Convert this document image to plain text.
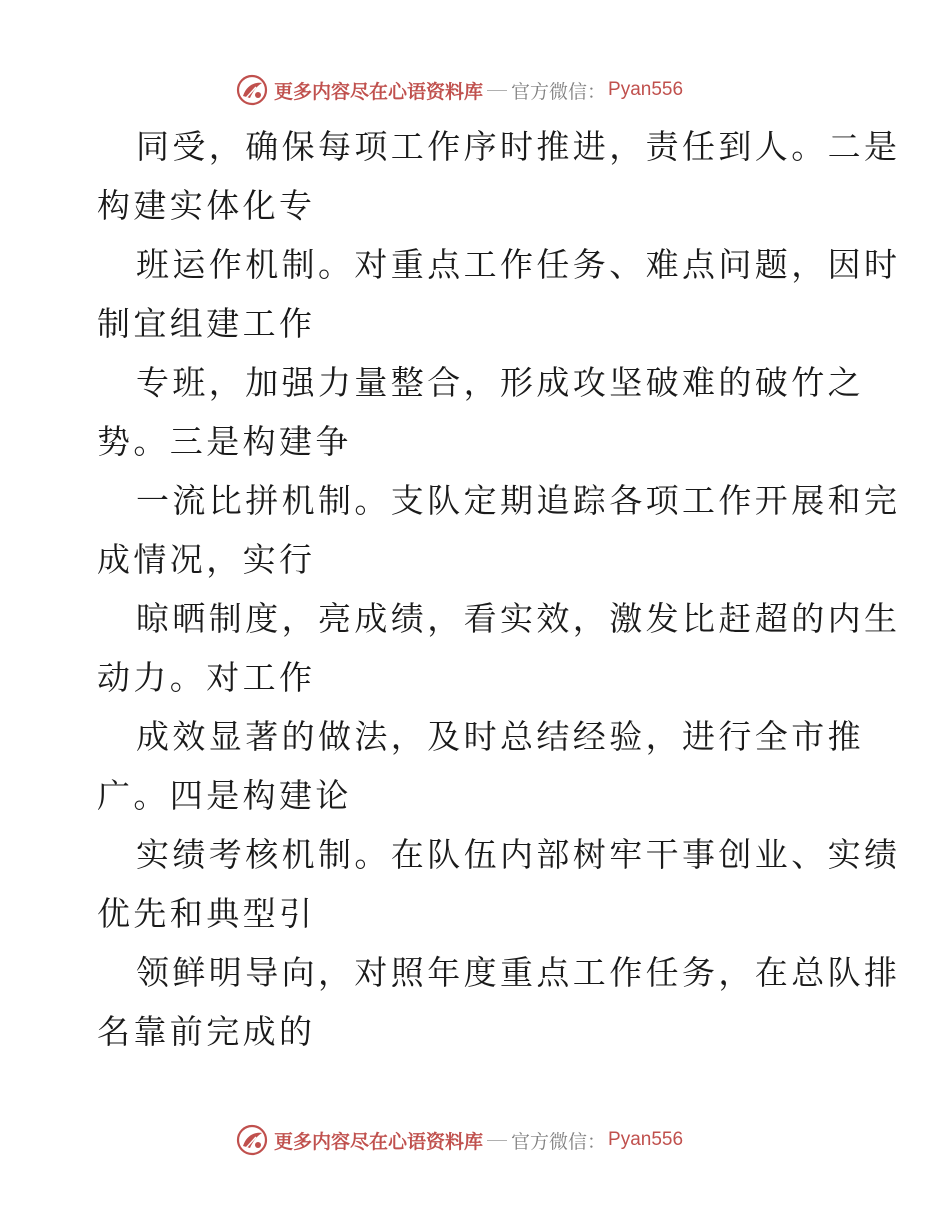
更多内容尽在心语资料库 官方微信： Pyan556
同受，确保每项工作序时推进，责任到人。二是
构建实体化专
班运作机制。对重点工作任务、难点问题，因时
制宜组建工作
专班，加强力量整合，形成攻坚破难的破竹之
势。三是构建争
一流比拼机制。支队定期追踪各项工作开展和完
成情况，实行
晾晒制度，亮成绩，看实效，激发比赶超的内生
动力。对工作
成效显著的做法，及时总结经验，进行全市推
广。四是构建论
实绩考核机制。在队伍内部树牢干事创业、实绩
优先和典型引
领鲜明导向，对照年度重点工作任务，在总队排
名靠前完成的
更多内容尽在心语资料库 官方微信： Pyan556
